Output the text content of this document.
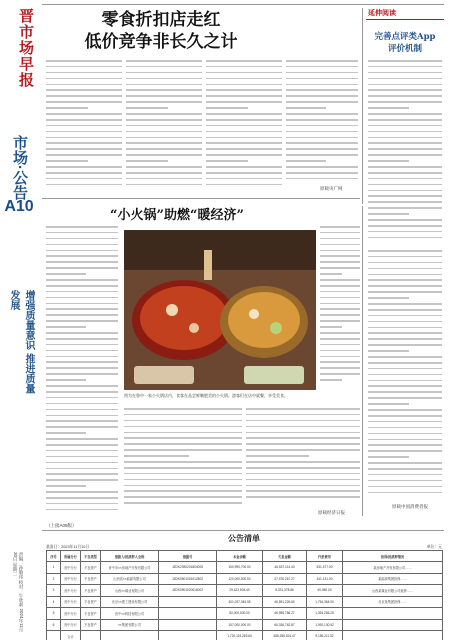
晋市场早报
市场·公告
A10
增强质量意识 推进质量发展
责编：孙敬玮 校对：牛欣莉 2024年11月30日 星期二
零食折扣店走红
低价竞争非长久之计
原载央广网
延伸阅读
完善点评类App
评价机制
原载中国消费者报
“小火锅”助燃“暖经济”
图为在鲁中一家小火锅店内，食客在品尝鲜嫩肥美的小火锅。游客们在店中就餐，享受美食。
原载经济日报
（上接A09版）
公告清单
基准日：2023年11月10日	单位：元
序号	所属分行	不良类型	借款人/抵质押人全称	借据号	本金余额	欠息金额	代垫费用	担保/抵质押情况
1	晋中分行	不良资产	晋中市××房地产开发有限公司	JZDK2390201804005	150,990,700.00	46,537,114.40	531,477.00	某房地产开发有限公司……
2	晋中分行	不良资产	山西省××能源有限公司	JZDK0901001012802	120,000,000.00	37,976,267.27	441,131.00	某能源集团担保……
3	晋中分行	不良资产	山西××煤业有限公司	JZDK0901020016002	29,422,504.40	5,331,378.86	49,080.00	山西某煤业有限公司抵押……
4	晋中分行	不良资产	北京××建工建设有限公司		301,037,345.55	46,551,226.60	1,754,364.00	北京某集团担保……
5	晋中分行	不良资产	晋中××科技有限公司		50,000,000.00	46,955,786.27	1,394,256.25	
6	晋中分行	不良资产	××集团有限公司		157,000,000.00	66,336,762.87	1,092,130.52	
	合计				1,720,119,269.60	485,256,524.47	9,156,211.52	
